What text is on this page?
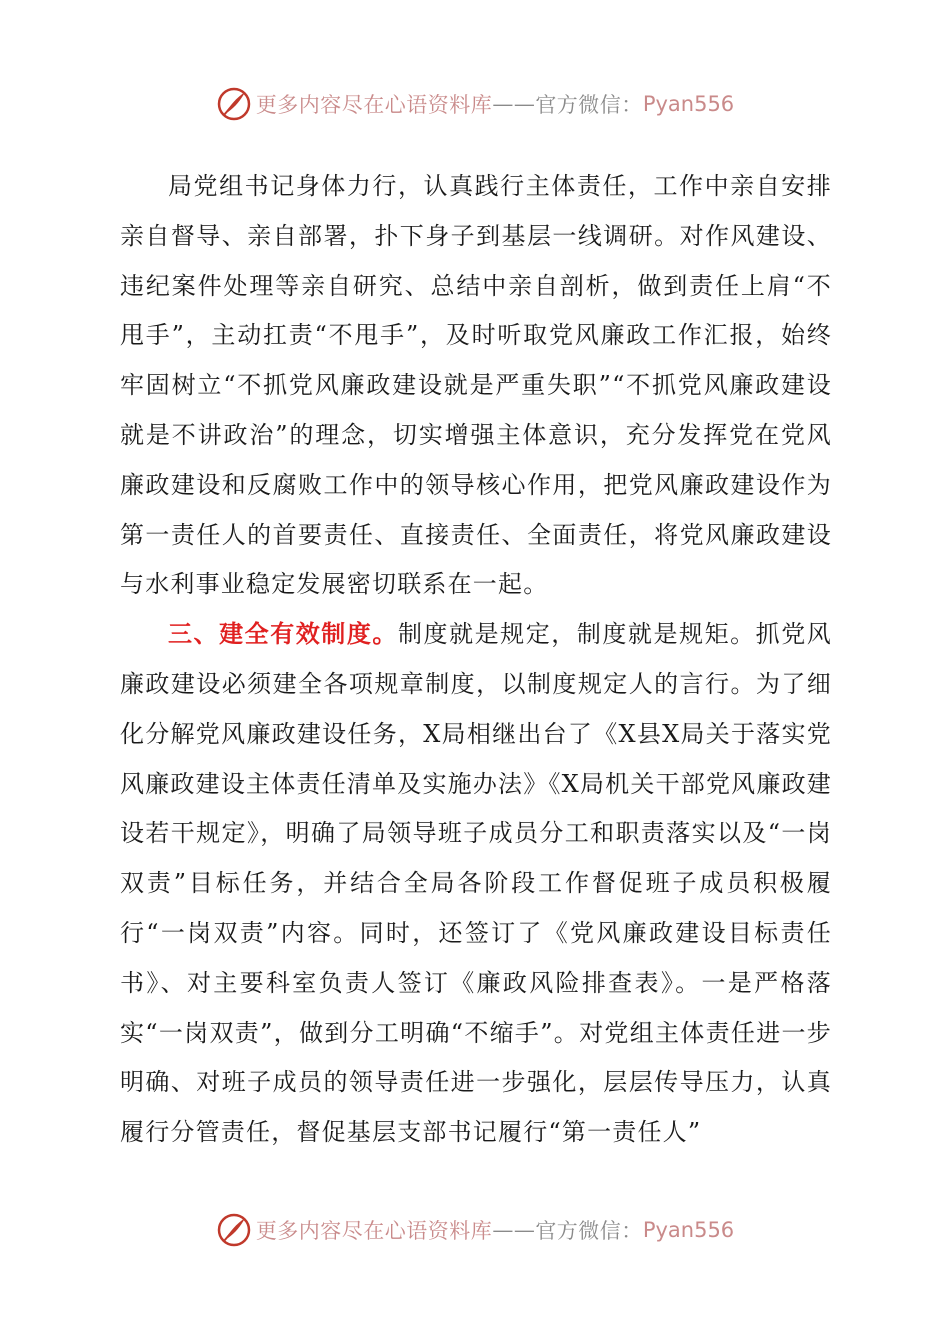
更多内容尽在心语资料库 —— 官方微信： Pyan556

局党组书记身体力行，认真践行主体责任，工作中亲自安排亲自督导、亲自部署，扑下身子到基层一线调研。对作风建设、违纪案件处理等亲自研究、总结中亲自剖析，做到责任上肩“不甩手”，主动扛责“不甩手”，及时听取党风廉政工作汇报，始终牢固树立“不抓党风廉政建设就是严重失职”“不抓党风廉政建设就是不讲政治”的理念，切实增强主体意识，充分发挥党在党风廉政建设和反腐败工作中的领导核心作用，把党风廉政建设作为第一责任人的首要责任、直接责任、全面责任，将党风廉政建设与水利事业稳定发展密切联系在一起。

三、建全有效制度。制度就是规定，制度就是规矩。抓党风廉政建设必须建全各项规章制度，以制度规定人的言行。为了细化分解党风廉政建设任务，X局相继出台了《X县X局关于落实党风廉政建设主体责任清单及实施办法》《X局机关干部党风廉政建设若干规定》，明确了局领导班子成员分工和职责落实以及“一岗双责”目标任务，并结合全局各阶段工作督促班子成员积极履行“一岗双责”内容。同时，还签订了《党风廉政建设目标责任书》、对主要科室负责人签订《廉政风险排查表》。一是严格落实“一岗双责”，做到分工明确“不缩手”。对党组主体责任进一步明确、对班子成员的领导责任进一步强化，层层传导压力，认真履行分管责任，督促基层支部书记履行“第一责任人”

更多内容尽在心语资料库 —— 官方微信： Pyan556
